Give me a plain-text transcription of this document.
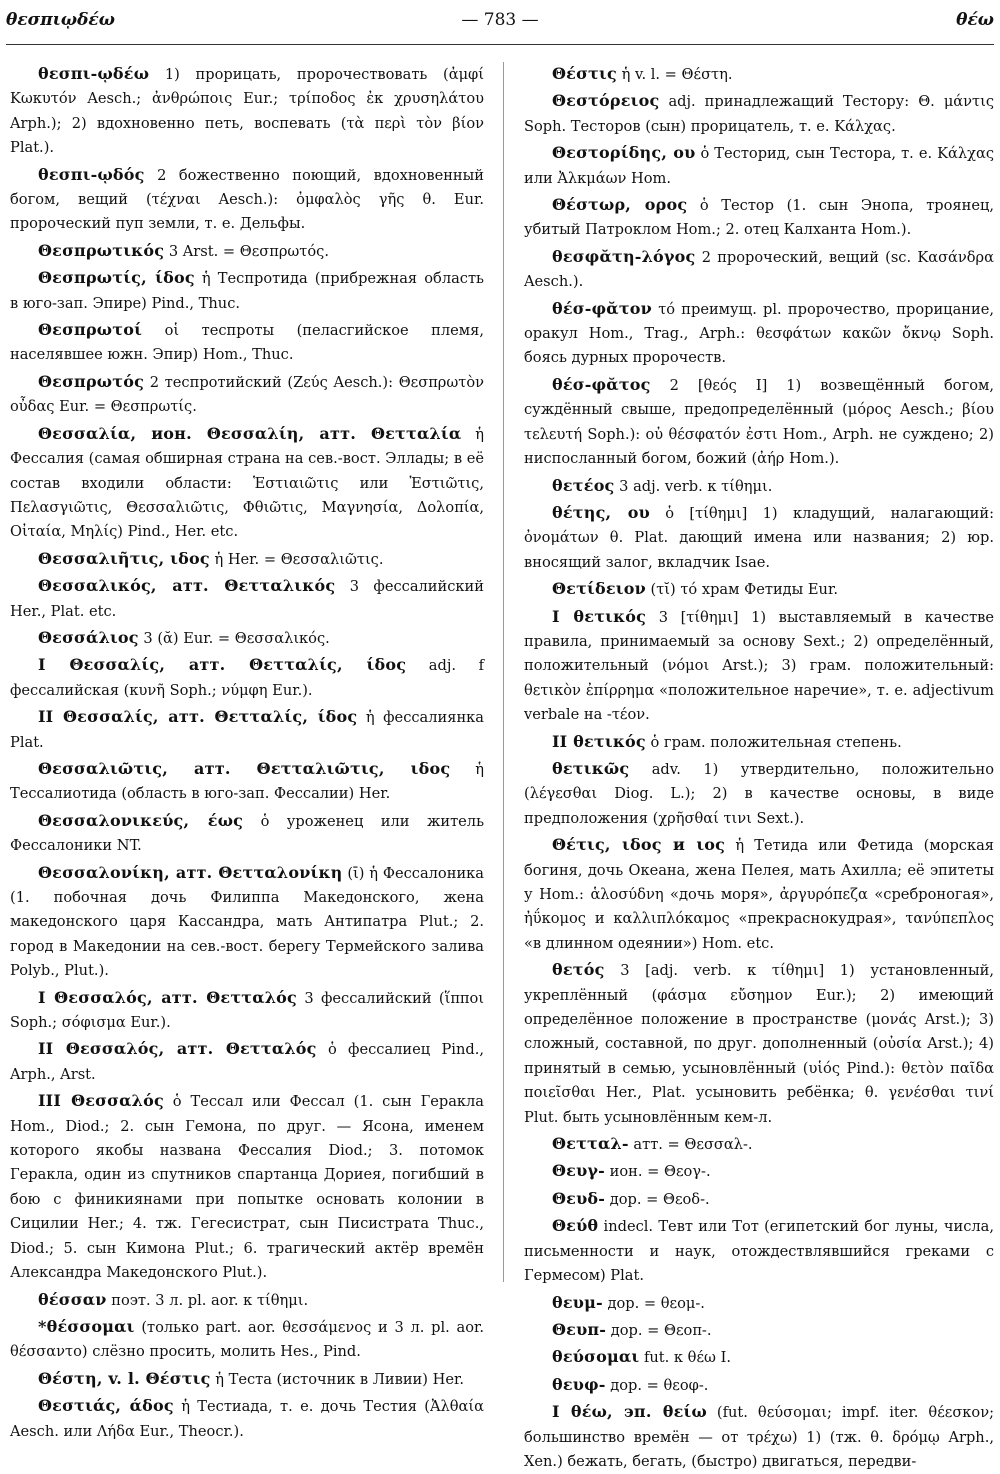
θεσπιῳδέω	— 783 —	θέω

θεσπι-ῳδέω 1) прорицать, пророчествовать (ἀμφί Κωκυτόν Aesch.; ἀνθρώποις Eur.; τρίποδος ἐκ χρυσηλάτου Arph.); 2) вдохновенно петь, воспевать (τὰ περὶ τὸν βίον Plat.).

θεσπι-ῳδός 2 божественно поющий, вдохновенный богом, вещий (τέχναι Aesch.): ὀμφαλὸς γῆς θ. Eur. пророческий пуп земли, т. е. Дельфы.

Θεσπρωτικός 3 Arst. = Θεσπρωτός.

Θεσπρωτίς, ίδος ἡ Теспротида (прибрежная область в юго-зап. Эпире) Pind., Thuc.

Θεσπρωτοί οἱ теспроты (пеласгийское племя, населявшее южн. Эпир) Hom., Thuc.

Θεσπρωτός 2 теспротийский (Ζεύς Aesch.): Θεσπρωτὸν οὖδας Eur. = Θεσπρωτίς.

Θεσσαλία, ион. Θεσσαλίη, атт. Θετταλία ἡ Фессалия (самая обширная страна на сев.-вост. Эллады; в её состав входили области: Ἑστιαιῶτις или Ἑστιῶτις, Πελασγιῶτις, Θεσσαλιῶτις, Φθιῶτις, Μαγνησία, Δολοπία, Οἰταία, Μηλίς) Pind., Her. etc.

Θεσσαλιῆτις, ιδος ἡ Her. = Θεσσαλιῶτις.

Θεσσαλικός, атт. Θετταλικός 3 фессалийский Her., Plat. etc.

Θεσσάλιος 3 (ᾰ) Eur. = Θεσσαλικός.

I Θεσσαλίς, атт. Θετταλίς, ίδος adj. f фессалийская (κυνῆ Soph.; νύμφη Eur.).

II Θεσσαλίς, атт. Θετταλίς, ίδος ἡ фессалиянка Plat.

Θεσσαλιῶτις, атт. Θετταλιῶτις, ιδος ἡ Тессалиотида (область в юго-зап. Фессалии) Her.

Θεσσαλονικεύς, έως ὁ уроженец или житель Фессалоники NT.

Θεσσαλονίκη, атт. Θετταλονίκη (ῑ) ἡ Фессалоника (1. побочная дочь Филиппа Македонского, жена македонского царя Кассандра, мать Антипатра Plut.; 2. город в Македонии на сев.-вост. берегу Термейского залива Polyb., Plut.).

I Θεσσαλός, атт. Θετταλός 3 фессалийский (ἵπποι Soph.; σόφισμα Eur.).

II Θεσσαλός, атт. Θετταλός ὁ фессалиец Pind., Arph., Arst.

III Θεσσαλός ὁ Тессал или Фессал (1. сын Геракла Hom., Diod.; 2. сын Гемона, по друг. — Ясона, именем которого якобы названа Фессалия Diod.; 3. потомок Геракла, один из спутников спартанца Дориея, погибший в бою с финикиянами при попытке основать колонии в Сицилии Her.; 4. тж. Гегесистрат, сын Писистрата Thuc., Diod.; 5. сын Кимона Plut.; 6. трагический актёр времён Александра Македонского Plut.).

θέσσαν поэт. 3 л. pl. aor. к τίθημι.

*θέσσομαι (только part. aor. θεσσάμενος и 3 л. pl. aor. θέσσαντο) слёзно просить, молить Hes., Pind.

Θέστη, v. l. Θέστις ἡ Теста (источник в Ливии) Her.

Θεστιάς, άδος ἡ Тестиада, т. е. дочь Тестия (Ἀλθαία Aesch. или Λήδα Eur., Theocr.).

Θέστις ἡ v. l. = Θέστη.

Θεστόρειος adj. принадлежащий Тестору: Θ. μάντις Soph. Тесторов (сын) прорицатель, т. е. Κάλχας.

Θεστορίδης, ου ὁ Тесторид, сын Тестора, т. е. Κάλχας или Ἀλκμάων Hom.

Θέστωρ, ορος ὁ Тестор (1. сын Энопа, троянец, убитый Патроклом Hom.; 2. отец Калханта Hom.).

θεσφᾰτη-λόγος 2 пророческий, вещий (sc. Κασάνδρα Aesch.).

θέσ-φᾰτον τό преимущ. pl. пророчество, прорицание, оракул Hom., Trag., Arph.: θεσφάτων κακῶν ὄκνῳ Soph. боясь дурных пророчеств.

θέσ-φᾰτος 2 [θεός I] 1) возвещённый богом, суждённый свыше, предопределённый (μόρος Aesch.; βίου τελευτή Soph.): οὐ θέσφατόν ἐστι Hom., Arph. не суждено; 2) ниспосланный богом, божий (ἀήρ Hom.).

θετέος 3 adj. verb. к τίθημι.

θέτης, ου ὁ [τίθημι] 1) кладущий, налагающий: ὀνομάτων θ. Plat. дающий имена или названия; 2) юр. вносящий залог, вкладчик Isae.

Θετίδειον (τῐ) τό храм Фетиды Eur.

I θετικός 3 [τίθημι] 1) выставляемый в качестве правила, принимаемый за основу Sext.; 2) определённый, положительный (νόμοι Arst.); 3) грам. положительный: θετικὸν ἐπίρρημα «положительное наречие», т. е. adjectivum verbale на -τέον.

II θετικός ὁ грам. положительная степень.

θετικῶς adv. 1) утвердительно, положительно (λέγεσθαι Diog. L.); 2) в качестве основы, в виде предположения (χρῆσθαί τινι Sext.).

Θέτις, ιδος и ιος ἡ Тетида или Фетида (морская богиня, дочь Океана, жена Пелея, мать Ахилла; её эпитеты у Hom.: ἁλοσύδνη «дочь моря», ἀργυρόπεζα «среброногая», ἠΰκομος и καλλιπλόκαμος «прекраснокудрая», τανύπεπλος «в длинном одеянии») Hom. etc.

θετός 3 [adj. verb. к τίθημι] 1) установленный, укреплённый (φάσμα εὔσημον Eur.); 2) имеющий определённое положение в пространстве (μονάς Arst.); 3) сложный, составной, по друг. дополненный (οὐσία Arst.); 4) принятый в семью, усыновлённый (υἱός Pind.): θετὸν παῖδα ποιεῖσθαι Her., Plat. усыновить ребёнка; θ. γενέσθαι τινί Plut. быть усыновлённым кем-л.

Θετταλ- атт. = Θεσσαλ-.

Θευγ- ион. = Θεογ-.

Θευδ- дор. = Θεοδ-.

Θεύθ indecl. Тевт или Тот (египетский бог луны, числа, письменности и наук, отождествлявшийся греками с Гермесом) Plat.

θευμ- дор. = θεομ-.

Θευπ- дор. = Θεοπ-.

θεύσομαι fut. к θέω I.

θευφ- дор. = θεοφ-.

I θέω, эп. θείω (fut. θεύσομαι; impf. iter. θέεσκον; большинство времён — от τρέχω) 1) (тж. θ. δρόμῳ Arph., Xen.) бежать, бегать, (быстро) двигаться, передви-
